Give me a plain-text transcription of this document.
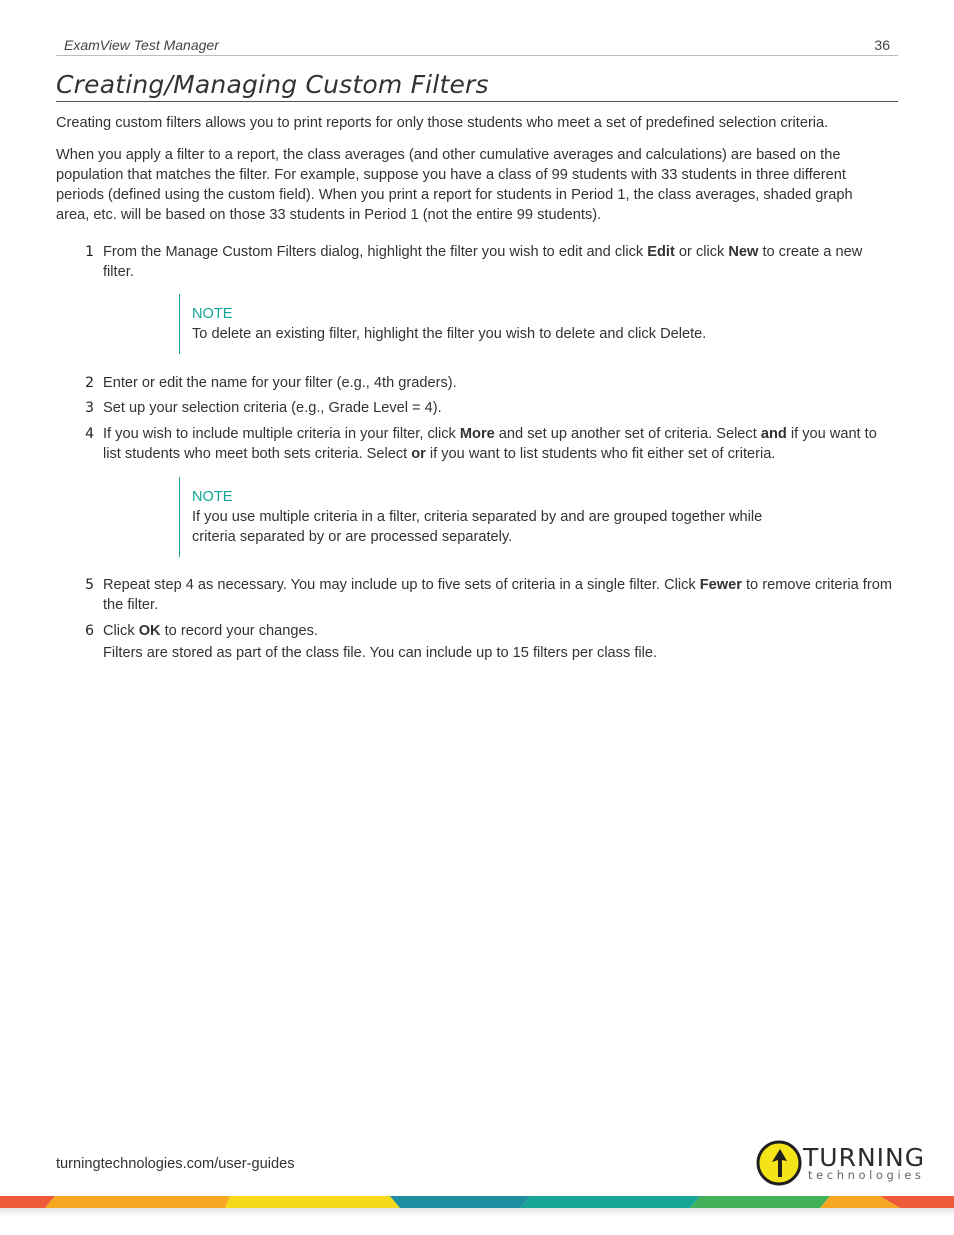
ExamView Test Manager	36
Creating/Managing Custom Filters

Creating custom filters allows you to print reports for only those students who meet a set of predefined selection criteria.

When you apply a filter to a report, the class averages (and other cumulative averages and calculations) are based on the population that matches the filter. For example, suppose you have a class of 99 students with 33 students in three different periods (defined using the custom field). When you print a report for students in Period 1, the class averages, shaded graph area, etc. will be based on those 33 students in Period 1 (not the entire 99 students).

1 From the Manage Custom Filters dialog, highlight the filter you wish to edit and click Edit or click New to create a new filter.
NOTE
To delete an existing filter, highlight the filter you wish to delete and click Delete.
2 Enter or edit the name for your filter (e.g., 4th graders).
3 Set up your selection criteria (e.g., Grade Level = 4).
4 If you wish to include multiple criteria in your filter, click More and set up another set of criteria. Select and if you want to list students who meet both sets criteria. Select or if you want to list students who fit either set of criteria.
NOTE
If you use multiple criteria in a filter, criteria separated by and are grouped together while criteria separated by or are processed separately.
5 Repeat step 4 as necessary. You may include up to five sets of criteria in a single filter. Click Fewer to remove criteria from the filter.
6 Click OK to record your changes.
Filters are stored as part of the class file. You can include up to 15 filters per class file.
turningtechnologies.com/user-guides	TURNING
technologies
